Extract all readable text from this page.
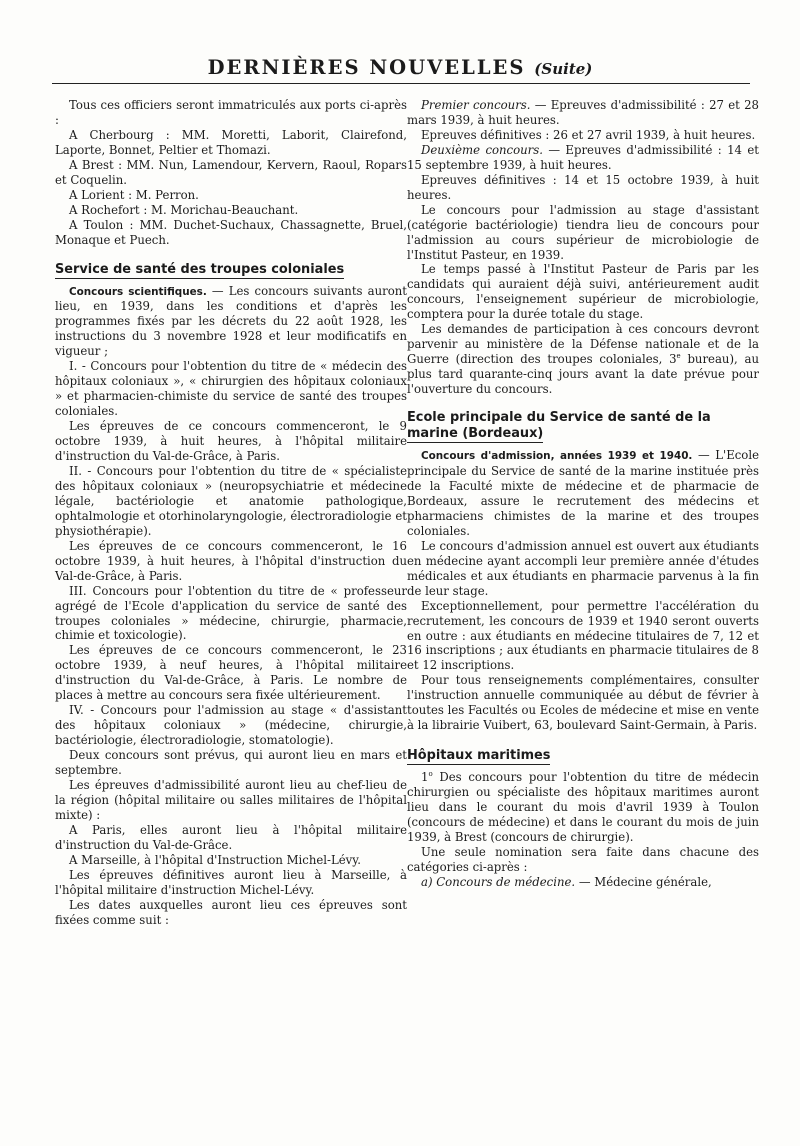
DERNIÈRES NOUVELLES (Suite)

Tous ces officiers seront immatriculés aux ports ci-après :

A Cherbourg : MM. Moretti, Laborit, Clairefond, Laporte, Bonnet, Peltier et Thomazi.

A Brest : MM. Nun, Lamendour, Kervern, Raoul, Ropars et Coquelin.

A Lorient : M. Perron.

A Rochefort : M. Morichau-Beauchant.

A Toulon : MM. Duchet-Suchaux, Chassagnette, Bruel, Monaque et Puech.

Service de santé des troupes coloniales

Concours scientifiques. — Les concours suivants auront lieu, en 1939, dans les conditions et d'après les programmes fixés par les décrets du 22 août 1928, les instructions du 3 novembre 1928 et leur modificatifs en vigueur ;

I. - Concours pour l'obtention du titre de « médecin des hôpitaux coloniaux », « chirurgien des hôpitaux coloniaux » et pharmacien-chimiste du service de santé des troupes coloniales.

Les épreuves de ce concours commenceront, le 9 octobre 1939, à huit heures, à l'hôpital militaire d'instruction du Val-de-Grâce, à Paris.

II. - Concours pour l'obtention du titre de « spécialiste des hôpitaux coloniaux » (neuropsychiatrie et médecine légale, bactériologie et anatomie pathologique, ophtalmologie et otorhinolaryngologie, électroradiologie et physiothérapie).

Les épreuves de ce concours commenceront, le 16 octobre 1939, à huit heures, à l'hôpital d'instruction du Val-de-Grâce, à Paris.

III. Concours pour l'obtention du titre de « professeur agrégé de l'Ecole d'application du service de santé des troupes coloniales » médecine, chirurgie, pharmacie, chimie et toxicologie).

Les épreuves de ce concours commenceront, le 23 octobre 1939, à neuf heures, à l'hôpital militaire d'instruction du Val-de-Grâce, à Paris. Le nombre de places à mettre au concours sera fixée ultérieurement.

IV. - Concours pour l'admission au stage « d'assistant des hôpitaux coloniaux » (médecine, chirurgie, bactériologie, électroradiologie, stomatologie).

Deux concours sont prévus, qui auront lieu en mars et septembre.

Les épreuves d'admissibilité auront lieu au chef-lieu de la région (hôpital militaire ou salles militaires de l'hôpital mixte) :

A Paris, elles auront lieu à l'hôpital militaire d'instruction du Val-de-Grâce.

A Marseille, à l'hôpital d'Instruction Michel-Lévy.

Les épreuves définitives auront lieu à Marseille, à l'hôpital militaire d'instruction Michel-Lévy.

Les dates auxquelles auront lieu ces épreuves sont fixées comme suit :

Premier concours. — Epreuves d'admissibilité : 27 et 28 mars 1939, à huit heures.

Epreuves définitives : 26 et 27 avril 1939, à huit heures.

Deuxième concours. — Epreuves d'admissibilité : 14 et 15 septembre 1939, à huit heures.

Epreuves définitives : 14 et 15 octobre 1939, à huit heures.

Le concours pour l'admission au stage d'assistant (catégorie bactériologie) tiendra lieu de concours pour l'admission au cours supérieur de microbiologie de l'Institut Pasteur, en 1939.

Le temps passé à l'Institut Pasteur de Paris par les candidats qui auraient déjà suivi, antérieurement audit concours, l'enseignement supérieur de microbiologie, comptera pour la durée totale du stage.

Les demandes de participation à ces concours devront parvenir au ministère de la Défense nationale et de la Guerre (direction des troupes coloniales, 3e bureau), au plus tard quarante-cinq jours avant la date prévue pour l'ouverture du concours.

Ecole principale du Service de santé de la
marine (Bordeaux)

Concours d'admission, années 1939 et 1940. — L'Ecole principale du Service de santé de la marine instituée près de la Faculté mixte de médecine et de pharmacie de Bordeaux, assure le recrutement des médecins et pharmaciens chimistes de la marine et des troupes coloniales.

Le concours d'admission annuel est ouvert aux étudiants en médecine ayant accompli leur première année d'études médicales et aux étudiants en pharmacie parvenus à la fin de leur stage.

Exceptionnellement, pour permettre l'accélération du recrutement, les concours de 1939 et 1940 seront ouverts en outre : aux étudiants en médecine titulaires de 7, 12 et 16 inscriptions ; aux étudiants en pharmacie titulaires de 8 et 12 inscriptions.

Pour tous renseignements complémentaires, consulter l'instruction annuelle communiquée au début de février à toutes les Facultés ou Ecoles de médecine et mise en vente à la librairie Vuibert, 63, boulevard Saint-Germain, à Paris.

Hôpitaux maritimes

1$^o$ Des concours pour l'obtention du titre de médecin chirurgien ou spécialiste des hôpitaux maritimes auront lieu dans le courant du mois d'avril 1939 à Toulon (concours de médecine) et dans le courant du mois de juin 1939, à Brest (concours de chirurgie).

Une seule nomination sera faite dans chacune des catégories ci-après :

a) Concours de médecine. — Médecine générale,
